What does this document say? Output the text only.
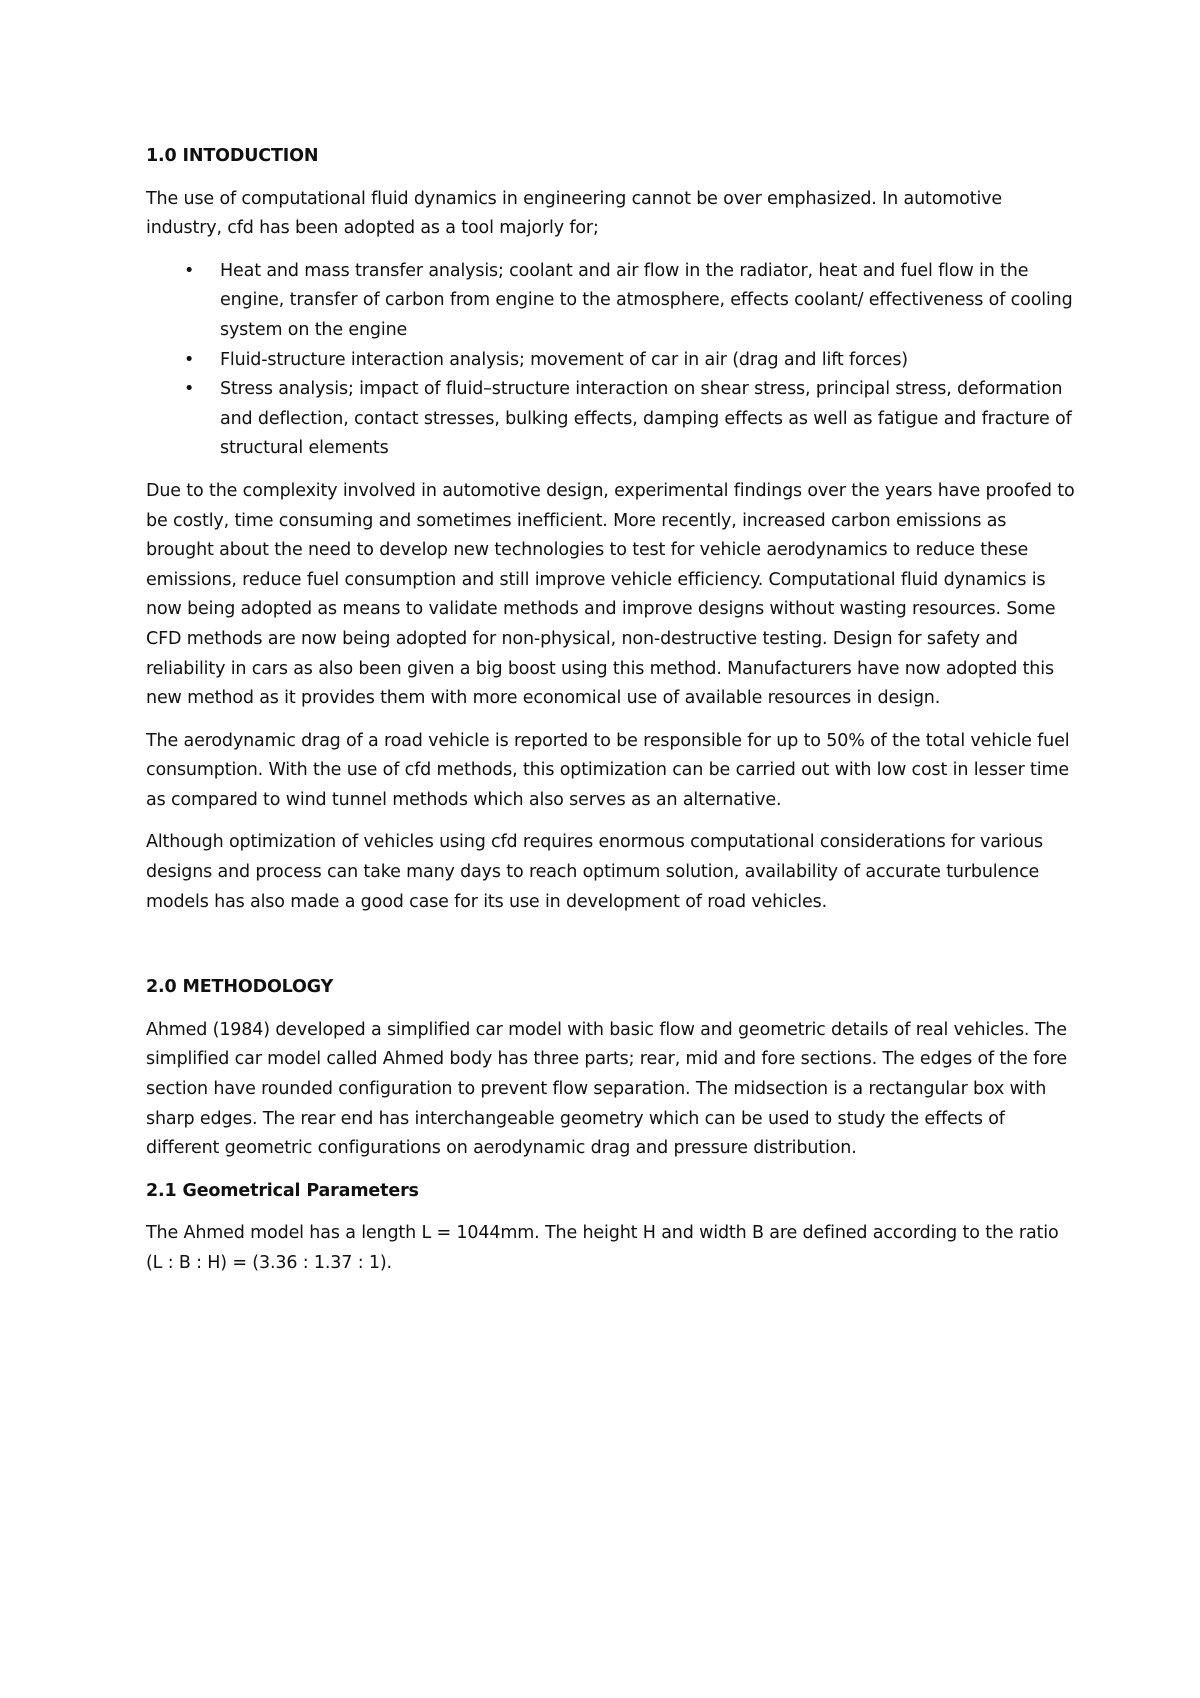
1.0 INTODUCTION

The use of computational fluid dynamics in engineering cannot be over emphasized. In automotive industry, cfd has been adopted as a tool majorly for;

• Heat and mass transfer analysis; coolant and air flow in the radiator, heat and fuel flow in the engine, transfer of carbon from engine to the atmosphere, effects coolant/ effectiveness of cooling system on the engine
• Fluid-structure interaction analysis; movement of car in air (drag and lift forces)
• Stress analysis; impact of fluid–structure interaction on shear stress, principal stress, deformation and deflection, contact stresses, bulking effects, damping effects as well as fatigue and fracture of structural elements

Due to the complexity involved in automotive design, experimental findings over the years have proofed to be costly, time consuming and sometimes inefficient. More recently, increased carbon emissions as brought about the need to develop new technologies to test for vehicle aerodynamics to reduce these emissions, reduce fuel consumption and still improve vehicle efficiency. Computational fluid dynamics is now being adopted as means to validate methods and improve designs without wasting resources. Some CFD methods are now being adopted for non-physical, non-destructive testing. Design for safety and reliability in cars as also been given a big boost using this method. Manufacturers have now adopted this new method as it provides them with more economical use of available resources in design.

The aerodynamic drag of a road vehicle is reported to be responsible for up to 50% of the total vehicle fuel consumption. With the use of cfd methods, this optimization can be carried out with low cost in lesser time as compared to wind tunnel methods which also serves as an alternative.

Although optimization of vehicles using cfd requires enormous computational considerations for various designs and process can take many days to reach optimum solution, availability of accurate turbulence models has also made a good case for its use in development of road vehicles.

2.0 METHODOLOGY

Ahmed (1984) developed a simplified car model with basic flow and geometric details of real vehicles. The simplified car model called Ahmed body has three parts; rear, mid and fore sections. The edges of the fore section have rounded configuration to prevent flow separation. The midsection is a rectangular box with sharp edges. The rear end has interchangeable geometry which can be used to study the effects of different geometric configurations on aerodynamic drag and pressure distribution.

2.1 Geometrical Parameters

The Ahmed model has a length L = 1044mm. The height H and width B are defined according to the ratio (L : B : H) = (3.36 : 1.37 : 1).
